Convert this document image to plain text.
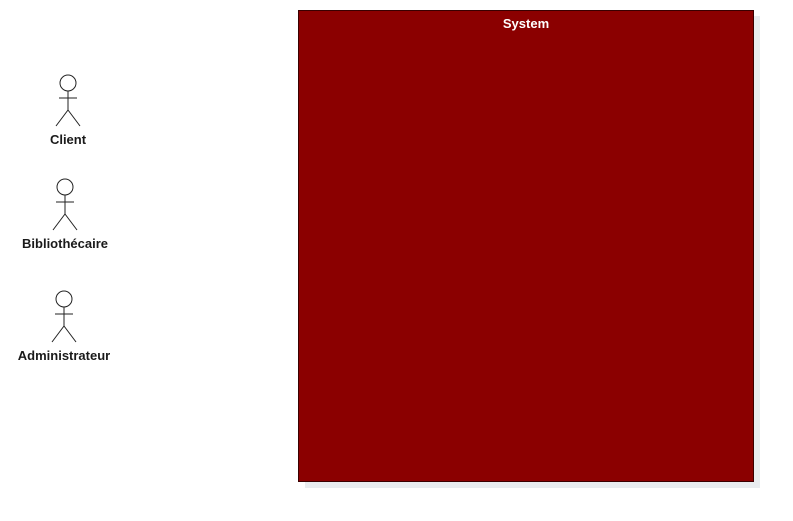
Client
Bibliothécaire
Administrateur
System
